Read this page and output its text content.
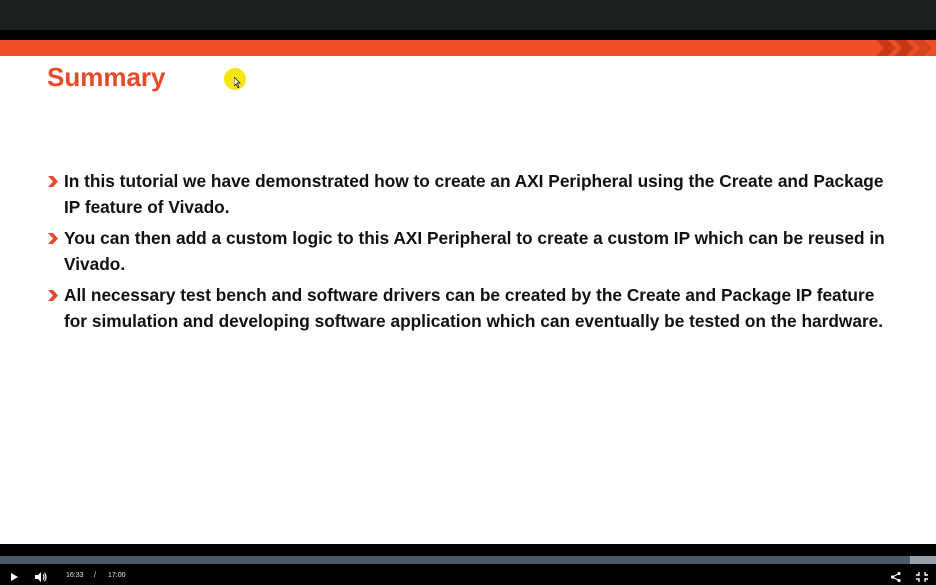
Summary
In this tutorial we have demonstrated how to create an AXI Peripheral using the Create and Package IP feature of Vivado.
You can then add a custom logic to this AXI Peripheral to create a custom IP which can be reused in Vivado.
All necessary test bench and software drivers can be created by the Create and Package IP feature for simulation and developing software application which can eventually be tested on the hardware.
16:33 / 17:00
